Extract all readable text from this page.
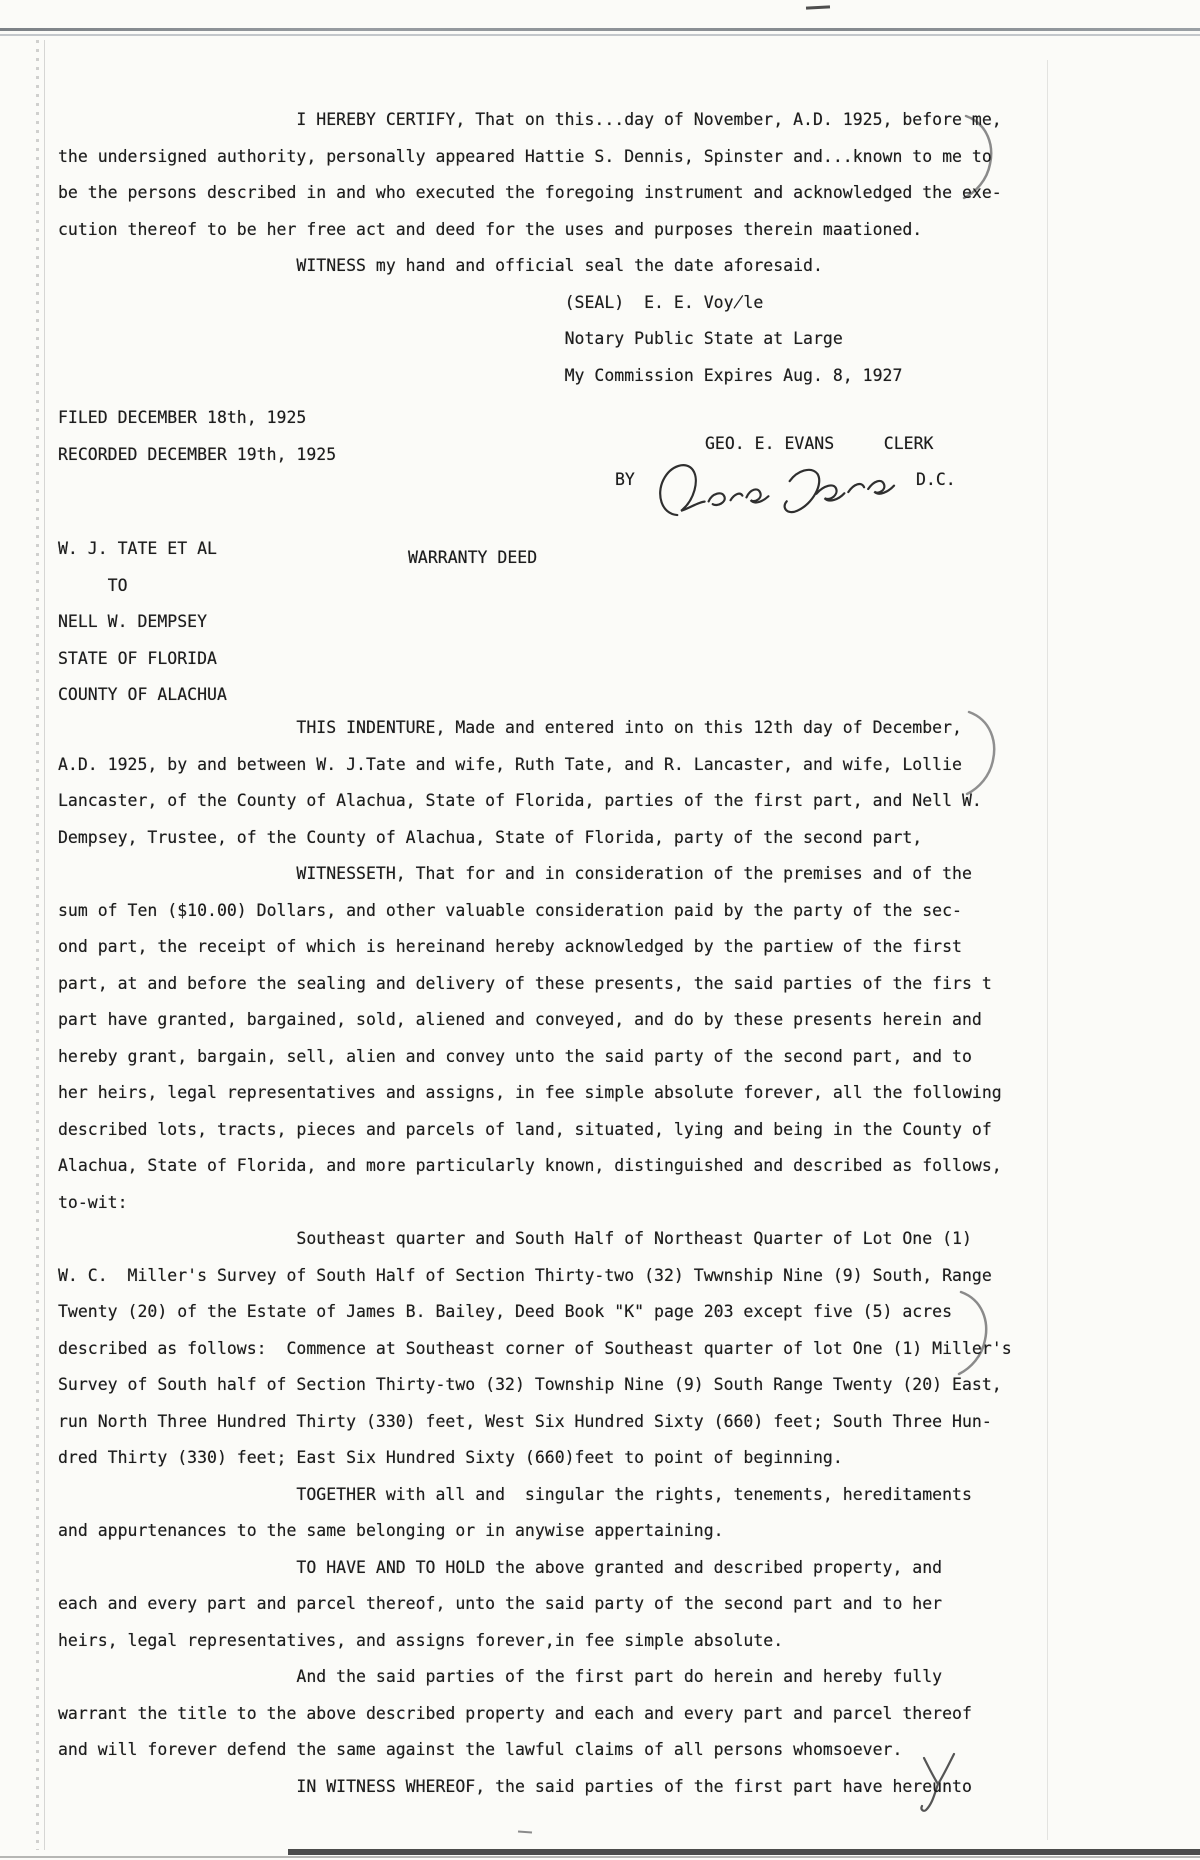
I HEREBY CERTIFY, That on this...day of November, A.D. 1925, before me,
the undersigned authority, personally appeared Hattie S. Dennis, Spinster and...known to me to
be the persons described in and who executed the foregoing instrument and acknowledged the exe-
cution thereof to be her free act and deed for the uses and purposes therein maationed.
WITNESS my hand and official seal the date aforesaid.
(SEAL)  E. E. Voy̸le
Notary Public State at Large
My Commission Expires Aug. 8, 1927
FILED DECEMBER 18th, 1925
RECORDED DECEMBER 19th, 1925
GEO. E. EVANS     CLERK
BY	D.C.
W. J. TATE ET AL
TO
NELL W. DEMPSEY
STATE OF FLORIDA
COUNTY OF ALACHUA
WARRANTY DEED
THIS INDENTURE, Made and entered into on this 12th day of December,
A.D. 1925, by and between W. J.Tate and wife, Ruth Tate, and R. Lancaster, and wife, Lollie
Lancaster, of the County of Alachua, State of Florida, parties of the first part, and Nell W.
Dempsey, Trustee, of the County of Alachua, State of Florida, party of the second part,
WITNESSETH, That for and in consideration of the premises and of the
sum of Ten ($10.00) Dollars, and other valuable consideration paid by the party of the sec-
ond part, the receipt of which is hereinand hereby acknowledged by the partiew of the first
part, at and before the sealing and delivery of these presents, the said parties of the firs t
part have granted, bargained, sold, aliened and conveyed, and do by these presents herein and
hereby grant, bargain, sell, alien and convey unto the said party of the second part, and to
her heirs, legal representatives and assigns, in fee simple absolute forever, all the following
described lots, tracts, pieces and parcels of land, situated, lying and being in the County of
Alachua, State of Florida, and more particularly known, distinguished and described as follows,
to-wit:
Southeast quarter and South Half of Northeast Quarter of Lot One (1)
W. C.  Miller's Survey of South Half of Section Thirty-two (32) Twwnship Nine (9) South, Range
Twenty (20) of the Estate of James B. Bailey, Deed Book "K" page 203 except five (5) acres
described as follows:  Commence at Southeast corner of Southeast quarter of lot One (1) Miller's
Survey of South half of Section Thirty-two (32) Township Nine (9) South Range Twenty (20) East,
run North Three Hundred Thirty (330) feet, West Six Hundred Sixty (660) feet; South Three Hun-
dred Thirty (330) feet; East Six Hundred Sixty (660)feet to point of beginning.
TOGETHER with all and  singular the rights, tenements, hereditaments
and appurtenances to the same belonging or in anywise appertaining.
TO HAVE AND TO HOLD the above granted and described property, and
each and every part and parcel thereof, unto the said party of the second part and to her
heirs, legal representatives, and assigns forever,in fee simple absolute.
And the said parties of the first part do herein and hereby fully
warrant the title to the above described property and each and every part and parcel thereof
and will forever defend the same against the lawful claims of all persons whomsoever.
IN WITNESS WHEREOF, the said parties of the first part have hereunto
